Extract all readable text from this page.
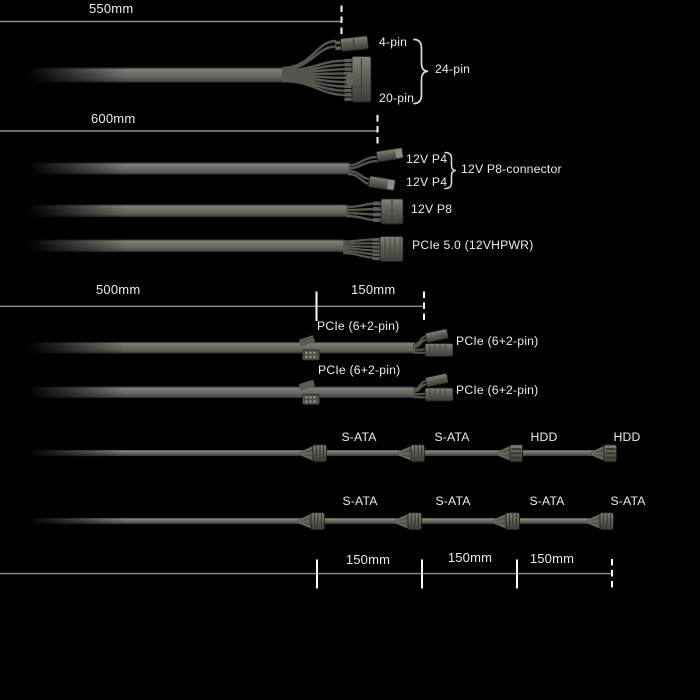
550mm
4-pin
24-pin
20-pin
600mm
12V P4
12V P4
12V P8-connector
12V P8
PCIe 5.0 (12VHPWR)
500mm	150mm
PCIe (6+2-pin)
PCIe (6+2-pin)
PCIe (6+2-pin)
PCIe (6+2-pin)
S-ATA	S-ATA	HDD	HDD
S-ATA	S-ATA	S-ATA	S-ATA
150mm	150mm	150mm
